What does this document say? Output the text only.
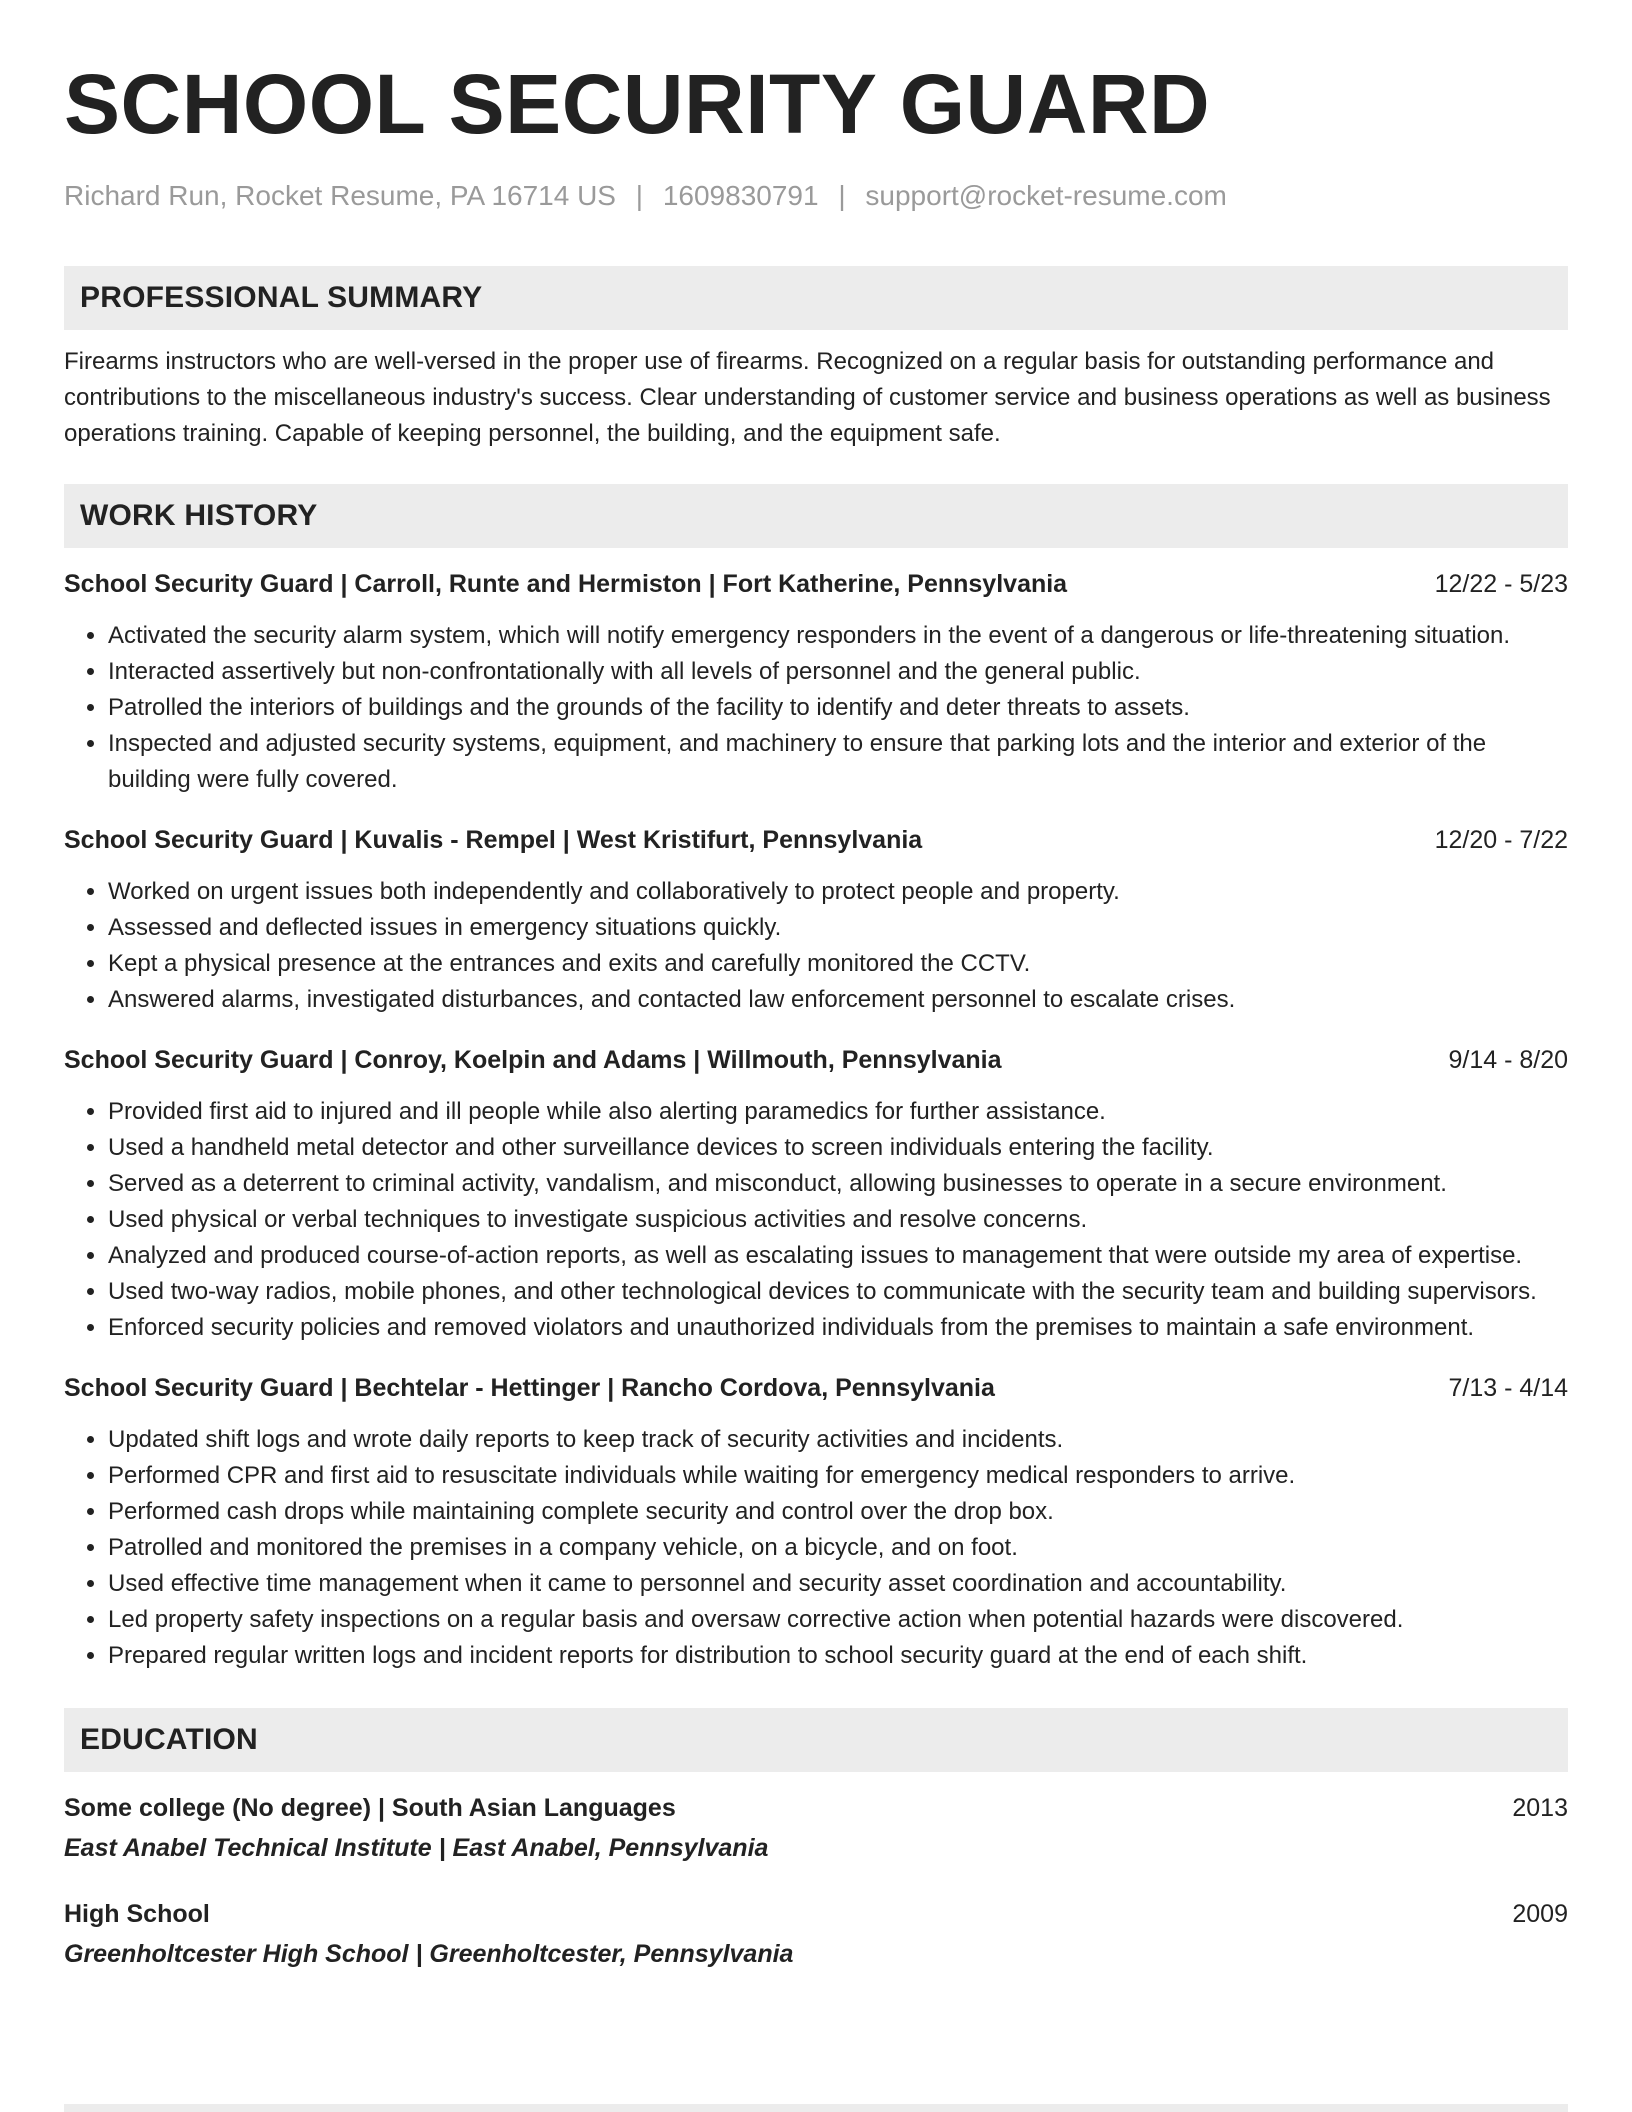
SCHOOL SECURITY GUARD
Richard Run, Rocket Resume, PA 16714 US | 1609830791 | support@rocket-resume.com
PROFESSIONAL SUMMARY

Firearms instructors who are well-versed in the proper use of firearms. Recognized on a regular basis for outstanding performance and contributions to the miscellaneous industry's success. Clear understanding of customer service and business operations as well as business operations training. Capable of keeping personnel, the building, and the equipment safe.

WORK HISTORY
School Security Guard | Carroll, Runte and Hermiston | Fort Katherine, Pennsylvania	12/22 - 5/23
• Activated the security alarm system, which will notify emergency responders in the event of a dangerous or life-threatening situation.
• Interacted assertively but non-confrontationally with all levels of personnel and the general public.
• Patrolled the interiors of buildings and the grounds of the facility to identify and deter threats to assets.
• Inspected and adjusted security systems, equipment, and machinery to ensure that parking lots and the interior and exterior of the building were fully covered.
School Security Guard | Kuvalis - Rempel | West Kristifurt, Pennsylvania	12/20 - 7/22
• Worked on urgent issues both independently and collaboratively to protect people and property.
• Assessed and deflected issues in emergency situations quickly.
• Kept a physical presence at the entrances and exits and carefully monitored the CCTV.
• Answered alarms, investigated disturbances, and contacted law enforcement personnel to escalate crises.
School Security Guard | Conroy, Koelpin and Adams | Willmouth, Pennsylvania	9/14 - 8/20
• Provided first aid to injured and ill people while also alerting paramedics for further assistance.
• Used a handheld metal detector and other surveillance devices to screen individuals entering the facility.
• Served as a deterrent to criminal activity, vandalism, and misconduct, allowing businesses to operate in a secure environment.
• Used physical or verbal techniques to investigate suspicious activities and resolve concerns.
• Analyzed and produced course-of-action reports, as well as escalating issues to management that were outside my area of expertise.
• Used two-way radios, mobile phones, and other technological devices to communicate with the security team and building supervisors.
• Enforced security policies and removed violators and unauthorized individuals from the premises to maintain a safe environment.
School Security Guard | Bechtelar - Hettinger | Rancho Cordova, Pennsylvania	7/13 - 4/14
• Updated shift logs and wrote daily reports to keep track of security activities and incidents.
• Performed CPR and first aid to resuscitate individuals while waiting for emergency medical responders to arrive.
• Performed cash drops while maintaining complete security and control over the drop box.
• Patrolled and monitored the premises in a company vehicle, on a bicycle, and on foot.
• Used effective time management when it came to personnel and security asset coordination and accountability.
• Led property safety inspections on a regular basis and oversaw corrective action when potential hazards were discovered.
• Prepared regular written logs and incident reports for distribution to school security guard at the end of each shift.
EDUCATION
Some college (No degree) | South Asian Languages	2013
East Anabel Technical Institute | East Anabel, Pennsylvania
High School	2009
Greenholtcester High School | Greenholtcester, Pennsylvania
